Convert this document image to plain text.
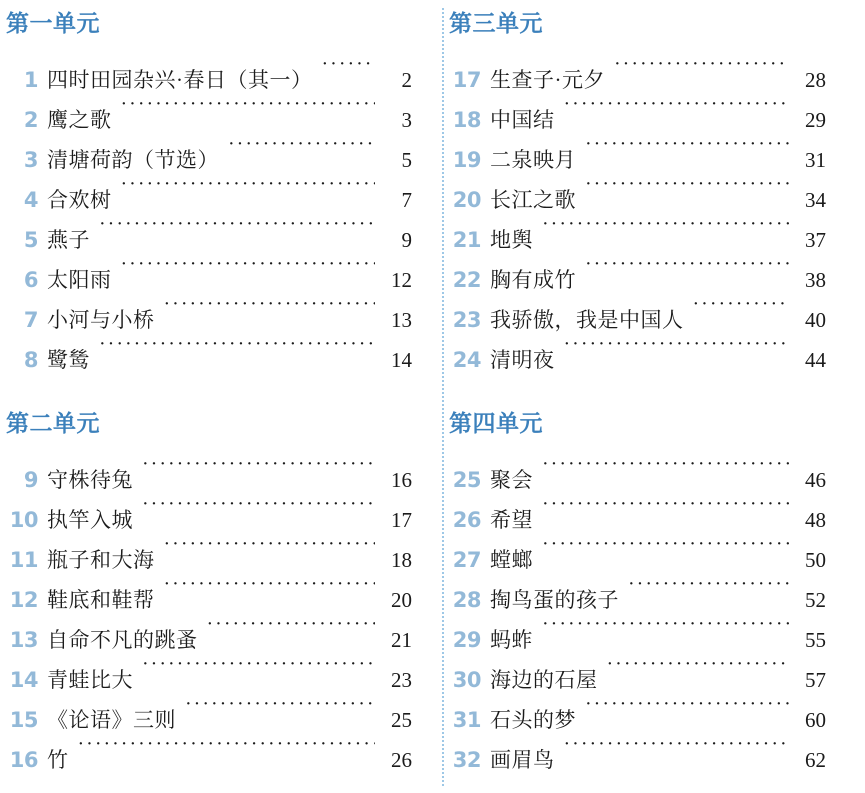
第一单元
1 四时田园杂兴·春日（其一） ·····	2
2 鹰之歌 ·····	3
3 清塘荷韵（节选） ·····	5
4 合欢树 ·····	7
5 燕子 ·····	9
6 太阳雨 ·····	12
7 小河与小桥 ·····	13
8 鹭鸶 ·····	14
第二单元
9 守株待兔 ·····	16
10 执竿入城 ·····	17
11 瓶子和大海 ·····	18
12 鞋底和鞋帮 ·····	20
13 自命不凡的跳蚤 ·····	21
14 青蛙比大 ·····	23
15 《论语》三则 ·····	25
16 竹 ·····	26
第三单元
17 生查子·元夕 ·····	28
18 中国结 ·····	29
19 二泉映月 ·····	31
20 长江之歌 ·····	34
21 地舆 ·····	37
22 胸有成竹 ·····	38
23 我骄傲，我是中国人 ·····	40
24 清明夜 ·····	44
第四单元
25 聚会 ·····	46
26 希望 ·····	48
27 螳螂 ·····	50
28 掏鸟蛋的孩子 ·····	52
29 蚂蚱 ·····	55
30 海边的石屋 ·····	57
31 石头的梦 ·····	60
32 画眉鸟 ·····	62
